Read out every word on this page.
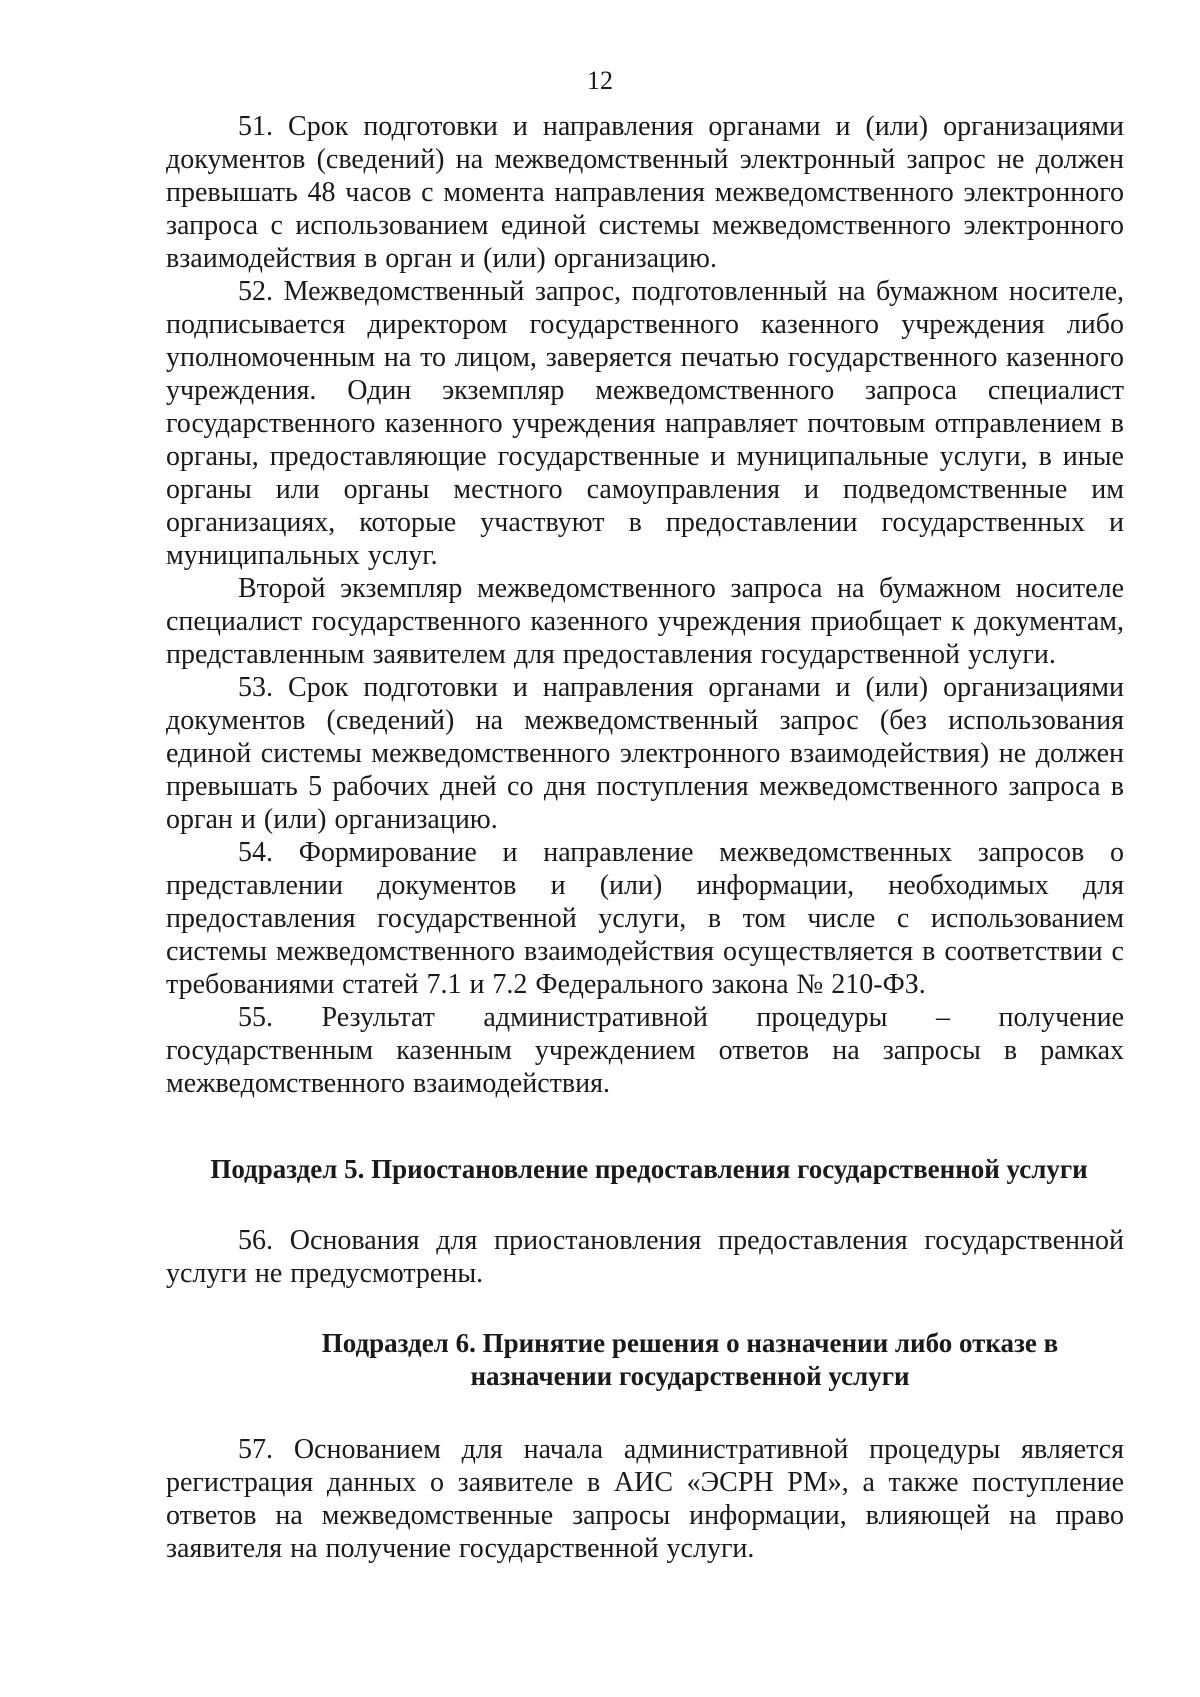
12

51. Срок подготовки и направления органами и (или) организациями документов (сведений) на межведомственный электронный запрос не должен превышать 48 часов с момента направления межведомственного электронного запроса с использованием единой системы межведомственного электронного взаимодействия в орган и (или) организацию.

52. Межведомственный запрос, подготовленный на бумажном носителе, подписывается директором государственного казенного учреждения либо уполномоченным на то лицом, заверяется печатью государственного казенного учреждения. Один экземпляр межведомственного запроса специалист государственного казенного учреждения направляет почтовым отправлением в органы, предоставляющие государственные и муниципальные услуги, в иные органы или органы местного самоуправления и подведомственные им организациях, которые участвуют в предоставлении государственных и муниципальных услуг.

Второй экземпляр межведомственного запроса на бумажном носителе специалист государственного казенного учреждения приобщает к документам, представленным заявителем для предоставления государственной услуги.

53. Срок подготовки и направления органами и (или) организациями документов (сведений) на межведомственный запрос (без использования единой системы межведомственного электронного взаимодействия) не должен превышать 5 рабочих дней со дня поступления межведомственного запроса в орган и (или) организацию.

54. Формирование и направление межведомственных запросов о представлении документов и (или) информации, необходимых для предоставления государственной услуги, в том числе с использованием системы межведомственного взаимодействия осуществляется в соответствии с требованиями статей 7.1 и 7.2 Федерального закона № 210-ФЗ.

55. Результат административной процедуры – получение государственным казенным учреждением ответов на запросы в рамках межведомственного взаимодействия.

Подраздел 5. Приостановление предоставления государственной услуги

56. Основания для приостановления предоставления государственной услуги не предусмотрены.

Подраздел 6. Принятие решения о назначении либо отказе в назначении государственной услуги

57. Основанием для начала административной процедуры является регистрация данных о заявителе в АИС «ЭСРН РМ», а также поступление ответов на межведомственные запросы информации, влияющей на право заявителя на получение государственной услуги.
